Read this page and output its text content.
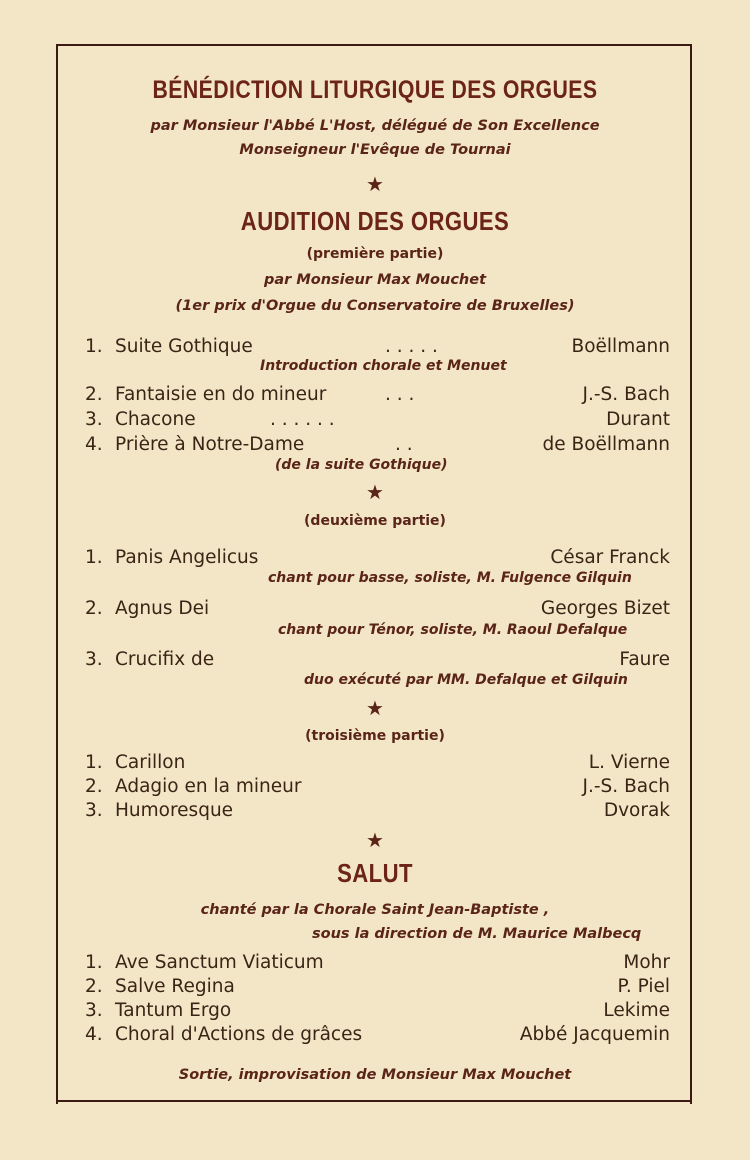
BÉNÉDICTION LITURGIQUE DES ORGUES
par Monsieur l'Abbé L'Host, délégué de Son Excellence
Monseigneur l'Evêque de Tournai
★
AUDITION DES ORGUES
(première partie)
par Monsieur Max Mouchet
(1er prix d'Orgue du Conservatoire de Bruxelles)
1. Suite Gothique	. . . . .	Boëllmann
Introduction chorale et Menuet
2. Fantaisie en do mineur	. . .	J.-S. Bach
3. Chacone	. . . . . .	Durant
4. Prière à Notre-Dame	. .	de Boëllmann
(de la suite Gothique)
★
(deuxième partie)
1. Panis Angelicus	César Franck
chant pour basse, soliste, M. Fulgence Gilquin
2. Agnus Dei	Georges Bizet
chant pour Ténor, soliste, M. Raoul Defalque
3. Crucifix de	Faure
duo exécuté par MM. Defalque et Gilquin
★
(troisième partie)
1. Carillon	L. Vierne
2. Adagio en la mineur	J.-S. Bach
3. Humoresque	Dvorak
★
SALUT
chanté par la Chorale Saint Jean-Baptiste ,
sous la direction de M. Maurice Malbecq
1. Ave Sanctum Viaticum	Mohr
2. Salve Regina	P. Piel
3. Tantum Ergo	Lekime
4. Choral d'Actions de grâces	Abbé Jacquemin
Sortie, improvisation de Monsieur Max Mouchet
